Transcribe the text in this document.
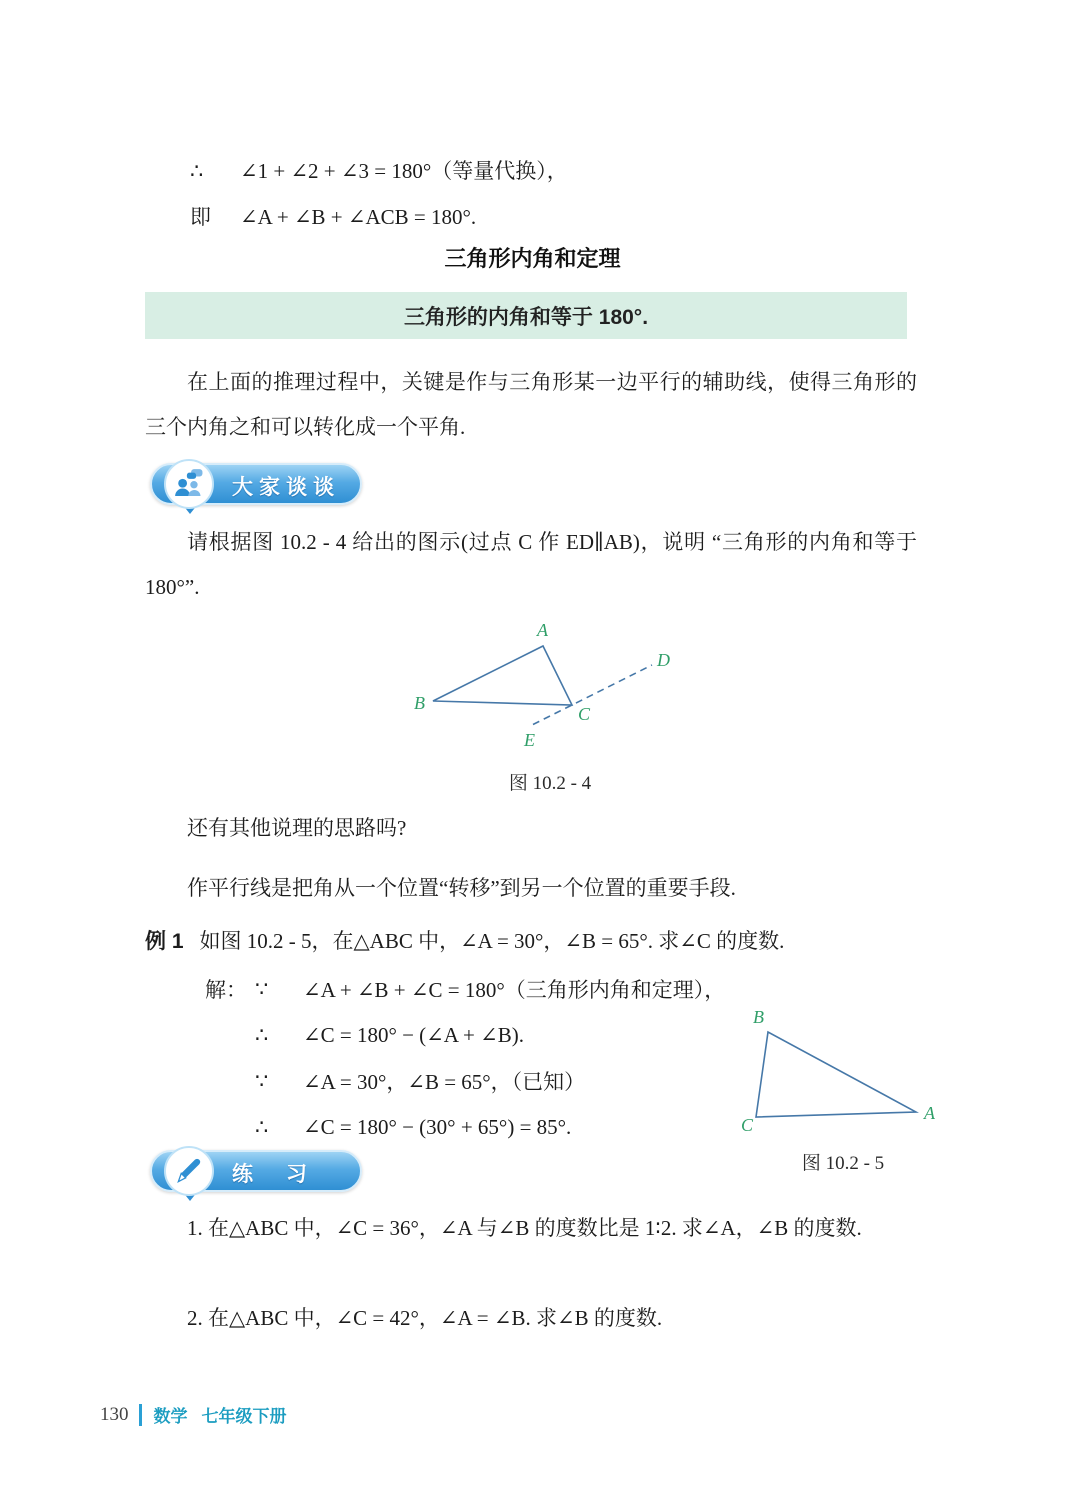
∴ ∠1 + ∠2 + ∠3 = 180°（等量代换），
即 ∠A + ∠B + ∠ACB = 180°.
三角形内角和定理
三角形的内角和等于 180°.

在上面的推理过程中，关键是作与三角形某一边平行的辅助线，使得三角形的三个内角之和可以转化成一个平角.

大家谈谈

请根据图 10.2 - 4 给出的图示(过点 C 作 ED∥AB)，说明 “三角形的内角和等于 180°”.

A
B
C
D
E
图 10.2 - 4

还有其他说理的思路吗?

作平行线是把角从一个位置“转移”到另一个位置的重要手段.

例 1 如图 10.2 - 5，在△ABC 中，∠A = 30°，∠B = 65°. 求∠C 的度数.
解： ∵	∠A + ∠B + ∠C = 180°（三角形内角和定理），
∴	∠C = 180° − (∠A + ∠B).
∵	∠A = 30°，∠B = 65°，（已知）
∴	∠C = 180° − (30° + 65°) = 85°.
B
C
A
图 10.2 - 5
练　习

1. 在△ABC 中，∠C = 36°，∠A 与∠B 的度数比是 1∶2. 求∠A，∠B 的度数.

2. 在△ABC 中，∠C = 42°，∠A = ∠B. 求∠B 的度数.

130 数学 七年级下册
